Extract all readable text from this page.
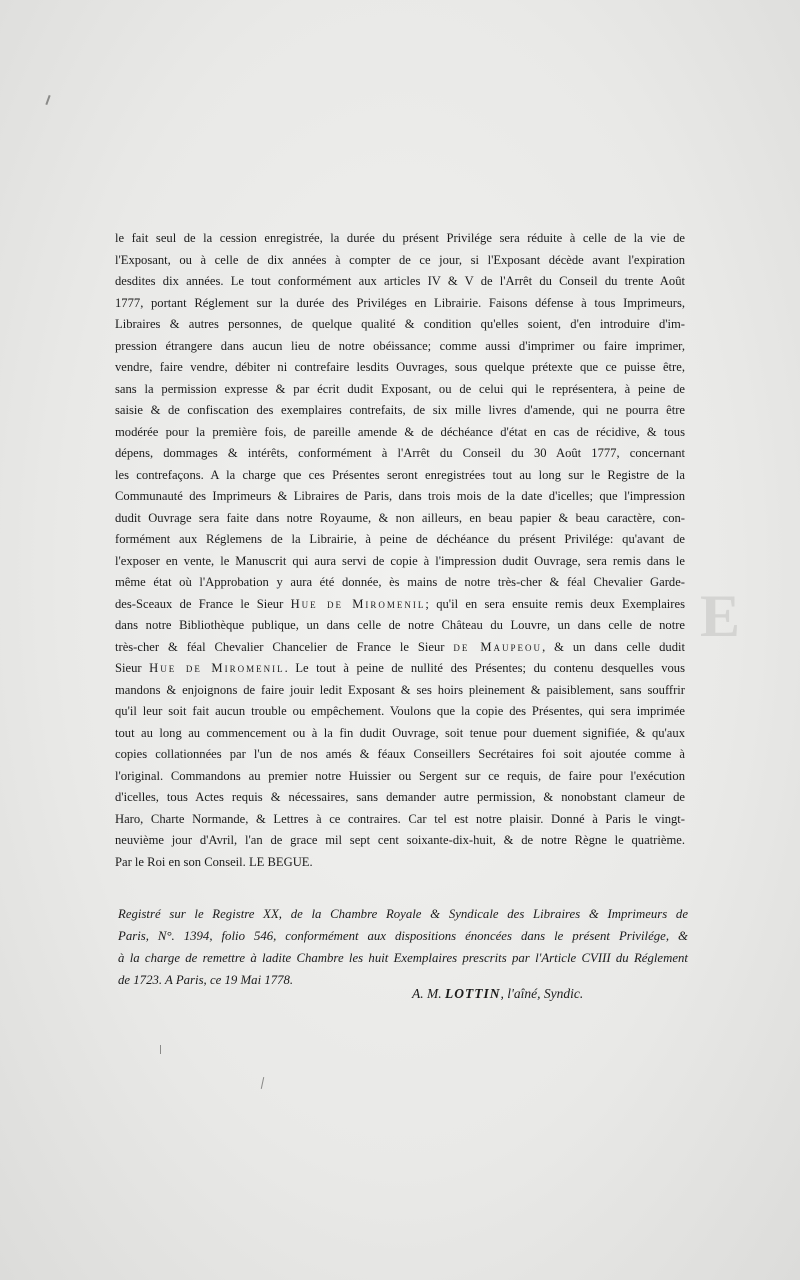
E
le fait seul de la cession enregistrée, la durée du présent Privilége sera réduite à celle de la vie de
l'Exposant, ou à celle de dix années à compter de ce jour, si l'Exposant décède avant l'expiration
desdites dix années. Le tout conformément aux articles IV & V de l'Arrêt du Conseil du trente Août
1777, portant Réglement sur la durée des Priviléges en Librairie. Faisons défense à tous Imprimeurs,
Libraires & autres personnes, de quelque qualité & condition qu'elles soient, d'en introduire d'im-
pression étrangere dans aucun lieu de notre obéissance; comme aussi d'imprimer ou faire imprimer,
vendre, faire vendre, débiter ni contrefaire lesdits Ouvrages, sous quelque prétexte que ce puisse être,
sans la permission expresse & par écrit dudit Exposant, ou de celui qui le représentera, à peine de
saisie & de confiscation des exemplaires contrefaits, de six mille livres d'amende, qui ne pourra être
modérée pour la première fois, de pareille amende & de déchéance d'état en cas de récidive, & tous
dépens, dommages & intérêts, conformément à l'Arrêt du Conseil du 30 Août 1777, concernant
les contrefaçons. A la charge que ces Présentes seront enregistrées tout au long sur le Registre de la
Communauté des Imprimeurs & Libraires de Paris, dans trois mois de la date d'icelles; que l'impression
dudit Ouvrage sera faite dans notre Royaume, & non ailleurs, en beau papier & beau caractère, con-
formément aux Réglemens de la Librairie, à peine de déchéance du présent Privilége: qu'avant de
l'exposer en vente, le Manuscrit qui aura servi de copie à l'impression dudit Ouvrage, sera remis dans le
même état où l'Approbation y aura été donnée, ès mains de notre très-cher & féal Chevalier Garde-
des-Sceaux de France le Sieur Hue de Miromenil; qu'il en sera ensuite remis deux Exemplaires
dans notre Bibliothèque publique, un dans celle de notre Château du Louvre, un dans celle de notre
très-cher & féal Chevalier Chancelier de France le Sieur de Maupeou, & un dans celle dudit
Sieur Hue de Miromenil. Le tout à peine de nullité des Présentes; du contenu desquelles vous
mandons & enjoignons de faire jouir ledit Exposant & ses hoirs pleinement & paisiblement, sans souffrir
qu'il leur soit fait aucun trouble ou empêchement. Voulons que la copie des Présentes, qui sera imprimée
tout au long au commencement ou à la fin dudit Ouvrage, soit tenue pour duement signifiée, & qu'aux
copies collationnées par l'un de nos amés & féaux Conseillers Secrétaires foi soit ajoutée comme à
l'original. Commandons au premier notre Huissier ou Sergent sur ce requis, de faire pour l'exécution
d'icelles, tous Actes requis & nécessaires, sans demander autre permission, & nonobstant clameur de
Haro, Charte Normande, & Lettres à ce contraires. Car tel est notre plaisir. Donné à Paris le vingt-
neuvième jour d'Avril, l'an de grace mil sept cent soixante-dix-huit, & de notre Règne le quatrième.
Par le Roi en son Conseil. LE BEGUE.
Registré sur le Registre XX, de la Chambre Royale & Syndicale des Libraires & Imprimeurs de
Paris, N°. 1394, folio 546, conformément aux dispositions énoncées dans le présent Privilége, &
à la charge de remettre à ladite Chambre les huit Exemplaires prescrits par l'Article CVIII du Réglement
de 1723. A Paris, ce 19 Mai 1778.
A. M. LOTTIN, l'aîné, Syndic.
